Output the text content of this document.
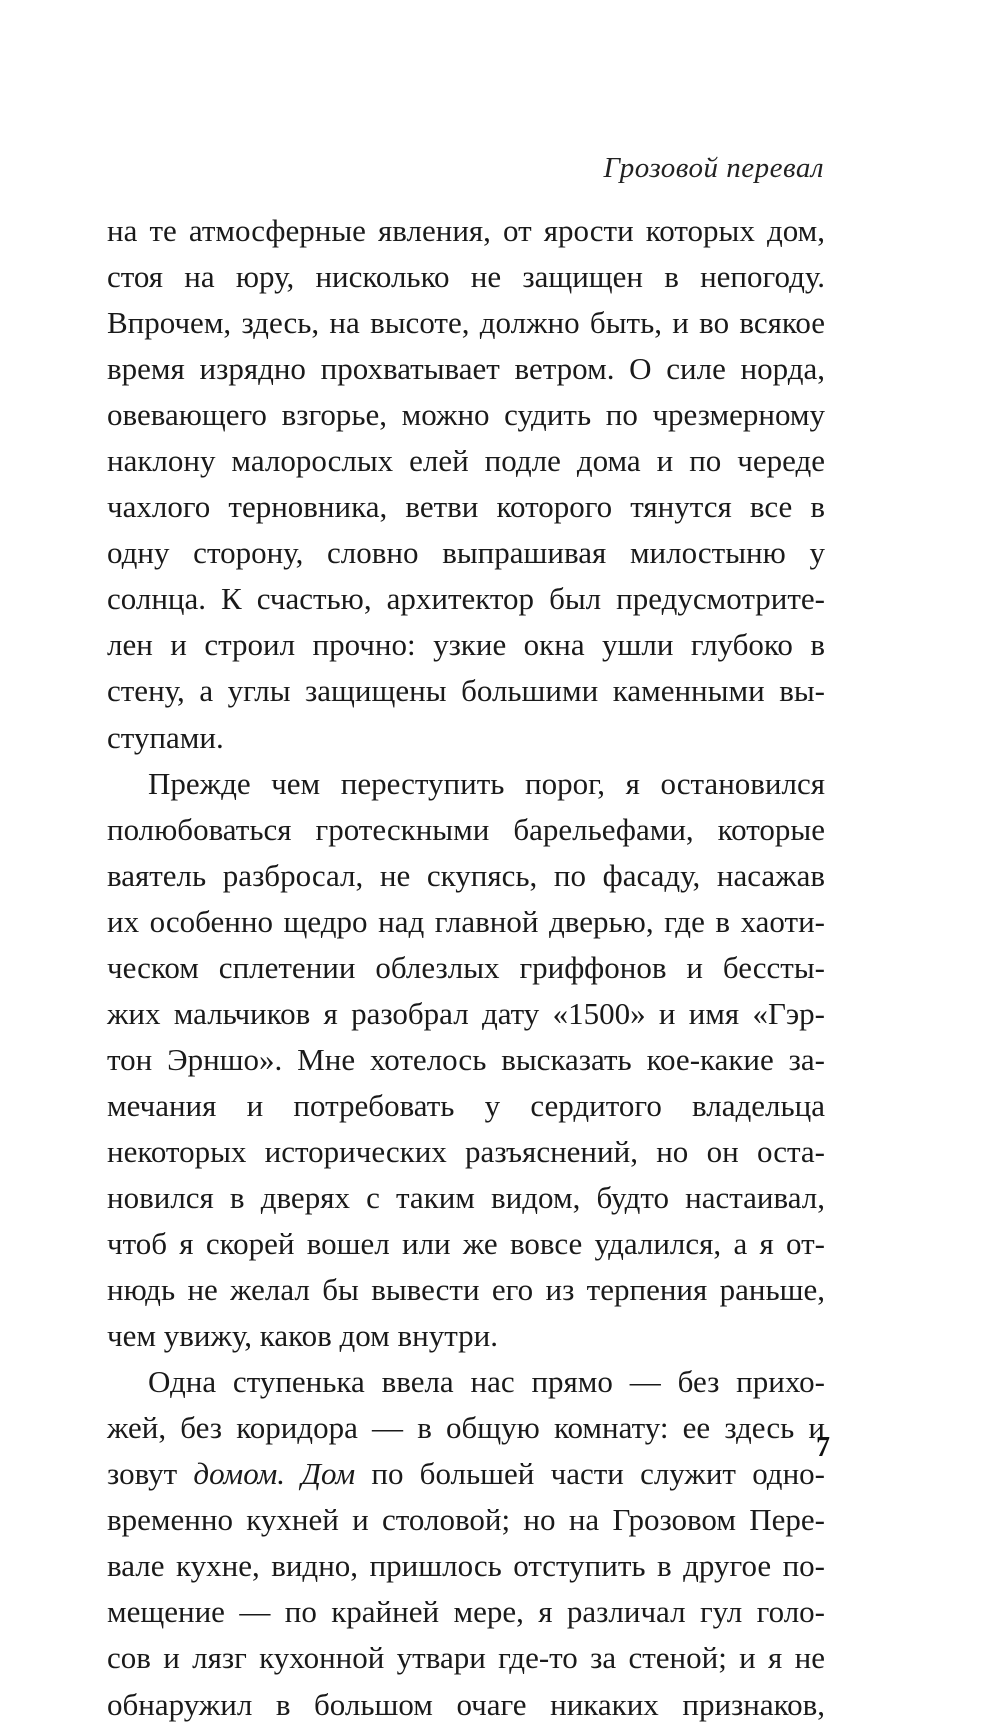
Грозовой перевал
на те атмосферные явления, от ярости которых дом,
стоя на юру, нисколько не защищен в непогоду.
Впрочем, здесь, на высоте, должно быть, и во всякое
время изрядно прохватывает ветром. О силе норда,
овевающего взгорье, можно судить по чрезмерному
наклону малорослых елей подле дома и по череде
чахлого терновника, ветви которого тянутся все в
одну сторону, словно выпрашивая милостыню у
солнца. К счастью, архитектор был предусмотрите-
лен и строил прочно: узкие окна ушли глубоко в
стену, а углы защищены большими каменными вы-
ступами.
Прежде чем переступить порог, я остановился
полюбоваться гротескными барельефами, которые
ваятель разбросал, не скупясь, по фасаду, насажав
их особенно щедро над главной дверью, где в хаоти-
ческом сплетении облезлых гриффонов и бессты-
жих мальчиков я разобрал дату «1500» и имя «Гэр-
тон Эрншо». Мне хотелось высказать кое-какие за-
мечания и потребовать у сердитого владельца
некоторых исторических разъяснений, но он оста-
новился в дверях с таким видом, будто настаивал,
чтоб я скорей вошел или же вовсе удалился, а я от-
нюдь не желал бы вывести его из терпения раньше,
чем увижу, каков дом внутри.
Одна ступенька ввела нас прямо — без прихо-
жей, без коридора — в общую комнату: ее здесь и
зовут домом. Дом по большей части служит одно-
временно кухней и столовой; но на Грозовом Пере-
вале кухне, видно, пришлось отступить в другое по-
мещение — по крайней мере, я различал гул голо-
сов и лязг кухонной утвари где-то за стеной; и я не
обнаружил в большом очаге никаких признаков,
7
